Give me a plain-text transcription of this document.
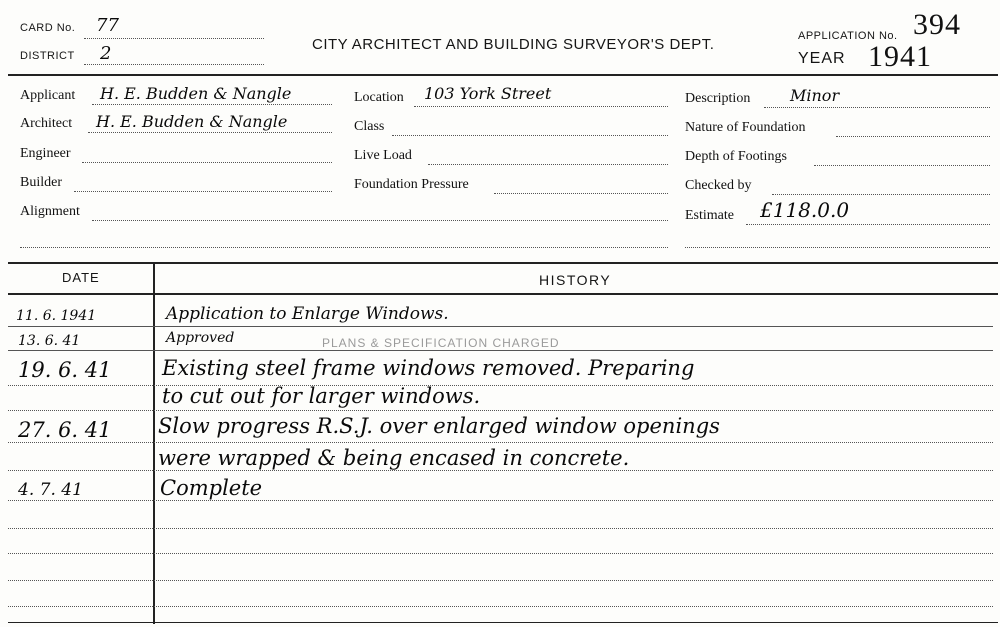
CARD No. 77
DISTRICT 2	CITY ARCHITECT AND BUILDING SURVEYOR'S DEPT.	APPLICATION No. 394
YEAR 1941
Applicant H. E. Budden & Nangle
Architect H. E. Budden & Nangle
Engineer
Builder
Alignment
Location 103 York Street
Class
Live Load
Foundation Pressure
Description Minor
Nature of Foundation
Depth of Footings
Checked by
Estimate £118.0.0
DATE	HISTORY
11. 6. 1941	Application to Enlarge Windows.
13. 6. 41	Approved	PLANS & SPECIFICATION CHARGED
19. 6. 41 Existing steel frame windows removed. Preparing
to cut out for larger windows.
27. 6. 41 Slow progress R.S.J. over enlarged window openings
were wrapped & being encased in concrete.
4. 7. 41	Complete
